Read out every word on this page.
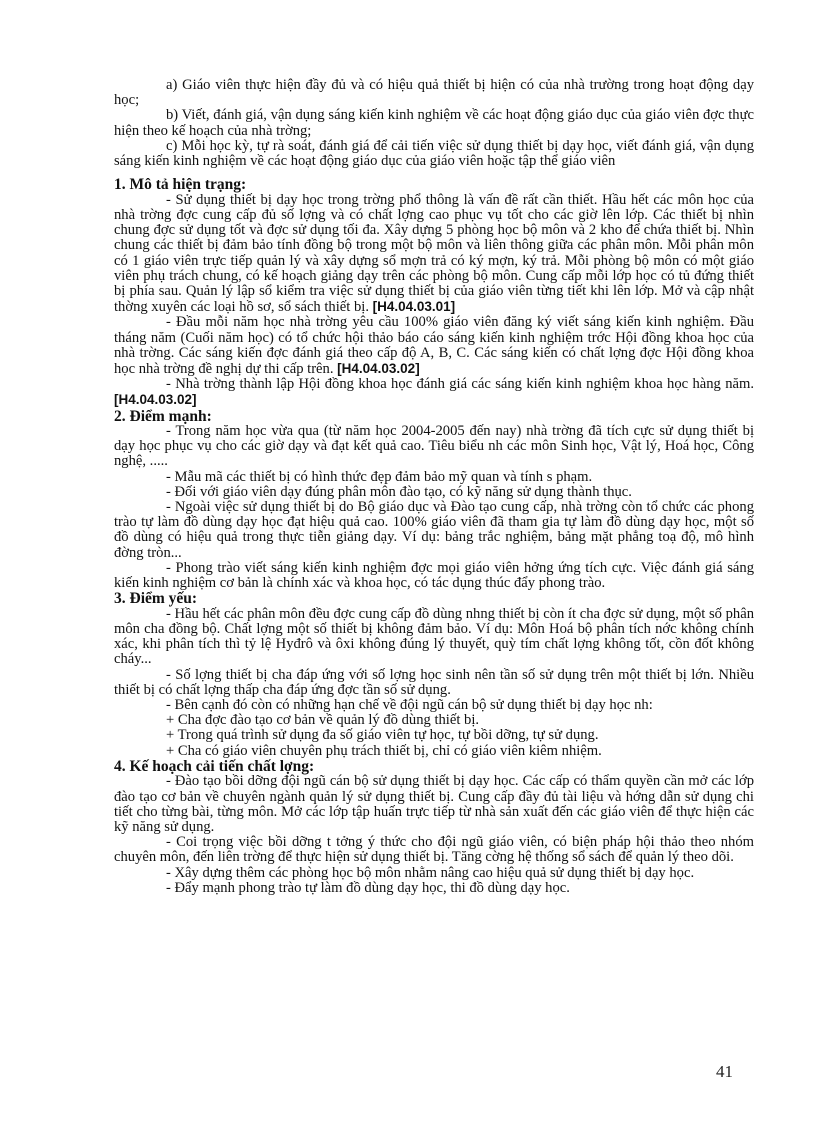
a) Giáo viên thực hiện đầy đủ và có hiệu quả thiết bị hiện có của nhà trường trong hoạt động dạy học;

b) Viết, đánh giá, vận dụng sáng kiến kinh nghiệm về các hoạt động giáo dục của giáo viên đợc thực hiện theo kế hoạch của nhà trờng;

c) Mỗi học kỳ, tự rà soát, đánh giá để cải tiến việc sử dụng thiết bị dạy học, viết đánh giá, vận dụng sáng kiến kinh nghiệm về các hoạt động giáo dục của giáo viên hoặc tập thể giáo viên

1. Mô tả hiện trạng:

- Sử dụng thiết bị dạy học trong trờng phổ thông là vấn đề rất cần thiết. Hầu hết các môn học của nhà trờng đợc cung cấp đủ số lợng và có chất lợng cao phục vụ tốt cho các giờ lên lớp. Các thiết bị nhìn chung đợc sử dụng tốt và đợc sử dụng tối đa. Xây dựng 5 phòng học bộ môn và 2 kho để chứa thiết bị. Nhìn chung các thiết bị đảm bảo tính đồng bộ trong một bộ môn và liên thông giữa các phân môn. Mỗi phân môn có 1 giáo viên trực tiếp quản lý và xây dựng sổ mợn trả có ký mợn, ký trả. Mỗi phòng bộ môn có một giáo viên phụ trách chung, có kế hoạch giảng dạy trên các phòng bộ môn. Cung cấp mỗi lớp học có tủ đứng thiết bị phía sau. Quản lý lập sổ kiểm tra việc sử dụng thiết bị của giáo viên từng tiết khi lên lớp. Mở và cập nhật thờng xuyên các loại hồ sơ, sổ sách thiết bị. [H4.04.03.01]

- Đầu mỗi năm học nhà trờng yêu cầu 100% giáo viên đăng ký viết sáng kiến kinh nghiệm. Đầu tháng năm (Cuối năm học) có tổ chức hội thảo báo cáo sáng kiến kinh nghiệm trớc Hội đồng khoa học của nhà trờng. Các sáng kiến đợc đánh giá theo cấp độ A, B, C. Các sáng kiến có chất lợng đợc Hội đồng khoa học nhà trờng đề nghị dự thi cấp trên. [H4.04.03.02]

- Nhà trờng thành lập Hội đồng khoa học đánh giá các sáng kiến kinh nghiệm khoa học hàng năm.[H4.04.03.02]

2. Điểm mạnh:

- Trong năm học vừa qua (từ năm học 2004-2005 đến nay) nhà trờng đã tích cực sử dụng thiết bị dạy học phục vụ cho các giờ dạy và đạt kết quả cao. Tiêu biểu nh các môn Sinh học, Vật lý, Hoá học, Công nghệ, .....

- Mẫu mã các thiết bị có hình thức đẹp đảm bảo mỹ quan và tính s phạm.

- Đối với giáo viên dạy đúng phân môn đào tạo, có kỹ năng sử dụng thành thục.

- Ngoài việc sử dụng thiết bị do Bộ giáo dục và Đào tạo cung cấp, nhà trờng còn tổ chức các phong trào tự làm đồ dùng dạy học đạt hiệu quả cao. 100% giáo viên đã tham gia tự làm đồ dùng dạy học, một số đồ dùng có hiệu quả trong thực tiễn giảng dạy. Ví dụ: bảng trắc nghiệm, bảng mặt phẳng toạ độ, mô hình đờng tròn...

- Phong trào viết sáng kiến kinh nghiệm đợc mọi giáo viên hởng ứng tích cực. Việc đánh giá sáng kiến kinh nghiệm cơ bản là chính xác và khoa học, có tác dụng thúc đẩy phong trào.

3. Điểm yếu:

- Hầu hết các phân môn đều đợc cung cấp đồ dùng nhng thiết bị còn ít cha đợc sử dụng, một số phân môn cha đồng bộ. Chất lợng một số thiết bị không đảm bảo. Ví dụ: Môn Hoá bộ phân tích nớc không chính xác, khi phân tích thì tỷ lệ Hyđrô và ôxi không đúng lý thuyết, quỳ tím chất lợng không tốt, cồn đốt không cháy...

- Số lợng thiết bị cha đáp ứng với số lợng học sinh nên tần số sử dụng trên một thiết bị lớn. Nhiều thiết bị có chất lợng thấp cha đáp ứng đợc tần số sử dụng.

- Bên cạnh đó còn có những hạn chế về đội ngũ cán bộ sử dụng thiết bị dạy học nh:

+ Cha đợc đào tạo cơ bản về quản lý đồ dùng thiết bị.

+ Trong quá trình sử dụng đa số giáo viên tự học, tự bồi dỡng, tự sử dụng.

+ Cha có giáo viên chuyên phụ trách thiết bị, chỉ có giáo viên kiêm nhiệm.

4. Kế hoạch cải tiến chất lợng:

- Đào tạo bồi dỡng đội ngũ cán bộ sử dụng thiết bị dạy học. Các cấp có thẩm quyền cần mở các lớp đào tạo cơ bản về chuyên ngành quản lý sử dụng thiết bị. Cung cấp đầy đủ tài liệu và hớng dẫn sử dụng chi tiết cho từng bài, từng môn. Mở các lớp tập huấn trực tiếp từ nhà sản xuất đến các giáo viên để thực hiện các kỹ năng sử dụng.

- Coi trọng việc bồi dỡng t tởng ý thức cho đội ngũ giáo viên, có biện pháp hội thảo theo nhóm chuyên môn, đến liên trờng để thực hiện sử dụng thiết bị. Tăng cờng hệ thống sổ sách để quản lý theo dõi.

- Xây dựng thêm các phòng học bộ môn nhằm nâng cao hiệu quả sử dụng thiết bị dạy học.

- Đẩy mạnh phong trào tự làm đồ dùng dạy học, thi đồ dùng dạy học.

41
